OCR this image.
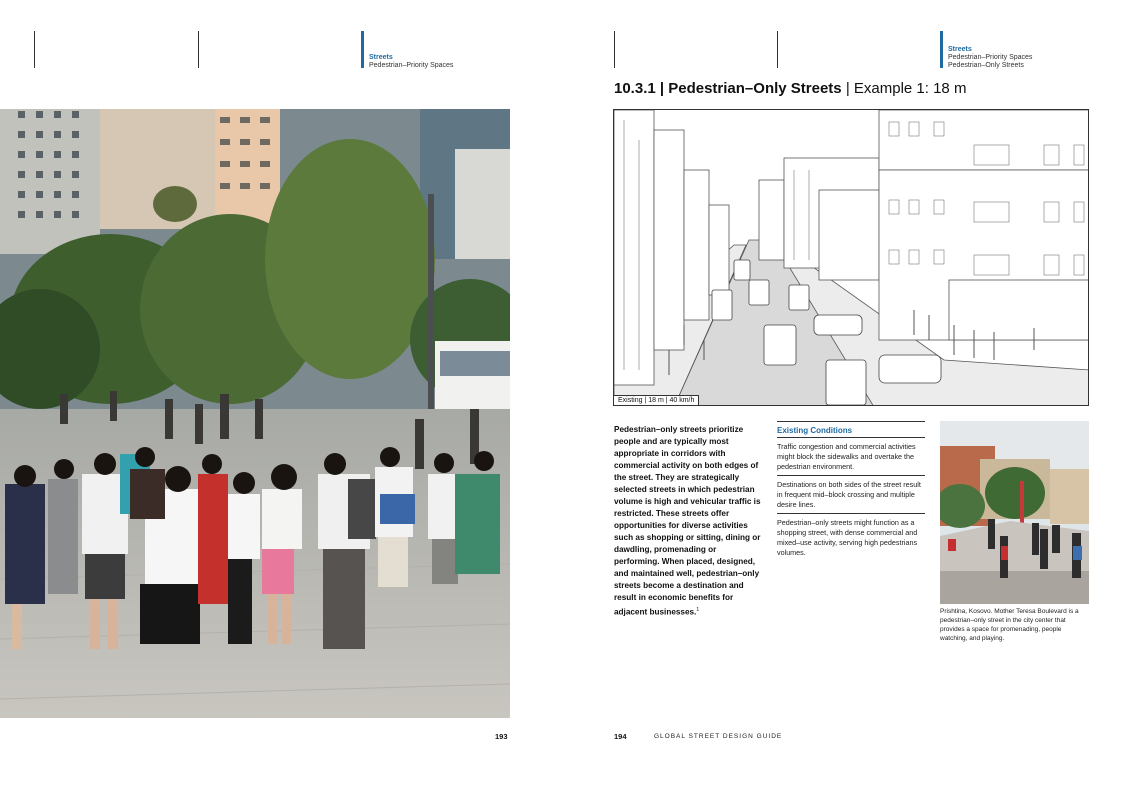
Streets
Pedestrian–Priority Spaces
Streets
Pedestrian–Priority Spaces
Pedestrian–Only Streets
10.3.1 | Pedestrian–Only Streets | Example 1: 18 m
Existing | 18 m | 40 km/h
Pedestrian–only streets prioritize people and are typically most appropriate in corridors with commercial activity on both edges of the street. They are strategically selected streets in which pedestrian volume is high and vehicular traffic is restricted. These streets offer opportunities for diverse activities such as shopping or sitting, dining or dawdling, promenading or performing. When placed, designed, and maintained well, pedestrian–only streets become a destination and result in economic benefits for adjacent businesses.$^1$
Existing Conditions
Traffic congestion and commercial activities might block the sidewalks and overtake the pedestrian environment.
Destinations on both sides of the street result in frequent mid–block crossing and multiple desire lines.
Pedestrian–only streets might function as a shopping street, with dense commercial and mixed–use activity, serving high pedestrians volumes.
Prishtina, Kosovo. Mother Teresa Boulevard is a pedestrian–only street in the city center that provides a space for promenading, people watching, and playing.
193	194	GLOBAL STREET DESIGN GUIDE
